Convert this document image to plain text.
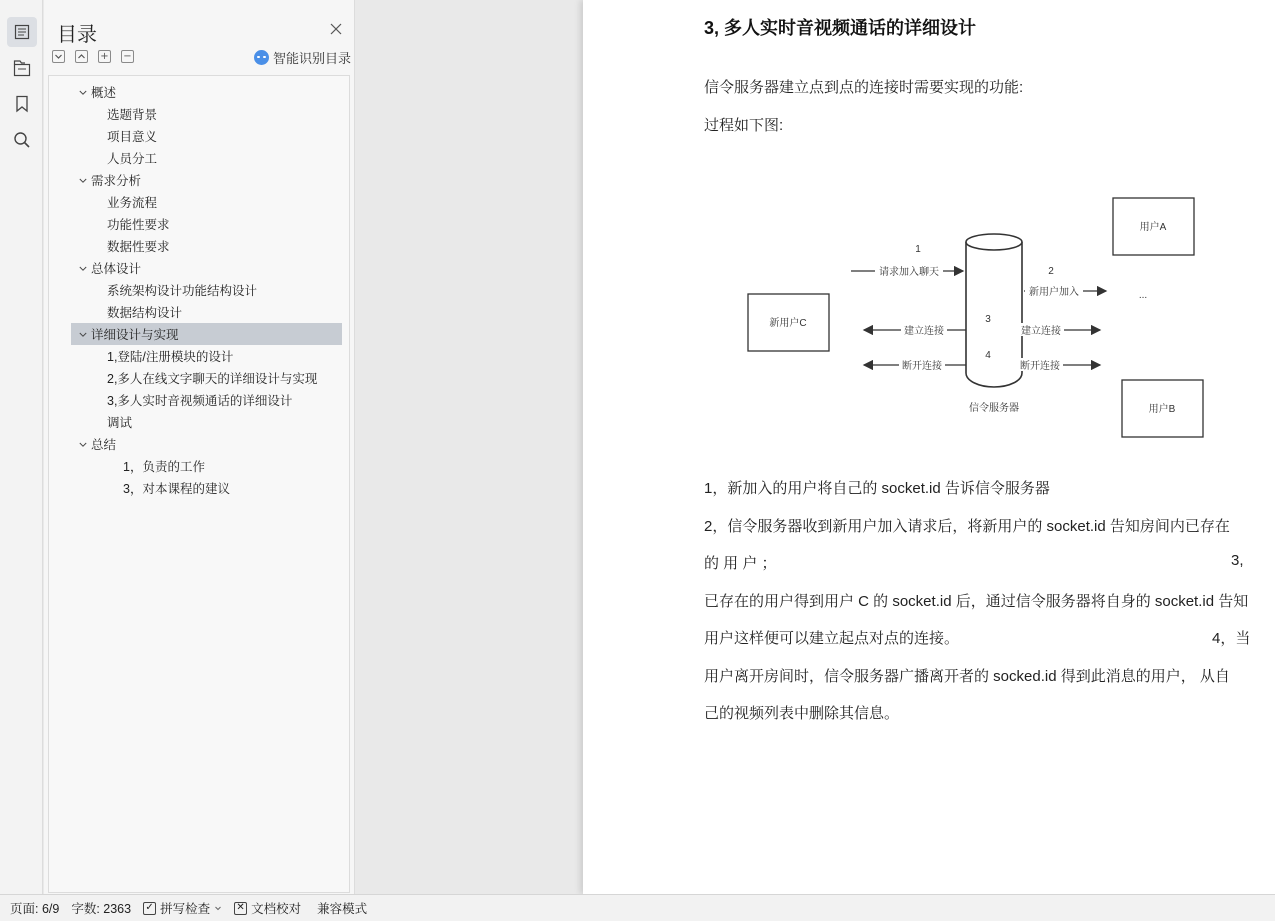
目录
+ −	智能识别目录
概述
选题背景
项目意义
人员分工
需求分析
业务流程
功能性要求
数据性要求
总体设计
系统架构设计功能结构设计
数据结构设计
详细设计与实现
1,登陆/注册模块的设计
2,多人在线文字聊天的详细设计与实现
3,多人实时音视频通话的详细设计
调试
总结
1，负责的工作
3，对本课程的建议
3, 多人实时音视频通话的详细设计
信令服务器建立点到点的连接时需要实现的功能:
过程如下图:
信令服务器
用户A
用户B
新用户C
...
1
请求加入聊天	2
新用户加入
3
建立连接	建立连接
4
断开连接	断开连接
1，新加入的用户将自己的 socket.id 告诉信令服务器
2，信令服务器收到新用户加入请求后，将新用户的 socket.id 告知房间内已存在
的 用 户 ；	3,
已存在的用户得到用户 C 的 socket.id 后，通过信令服务器将自身的 socket.id 告知
用户这样便可以建立起点对点的连接。	4，当
用户离开房间时，信令服务器广播离开者的 socked.id 得到此消息的用户， 从自
己的视频列表中删除其信息。
页面: 6/9 字数: 2363 ✓ 拼写检查	✕ 文档校对 兼容模式
